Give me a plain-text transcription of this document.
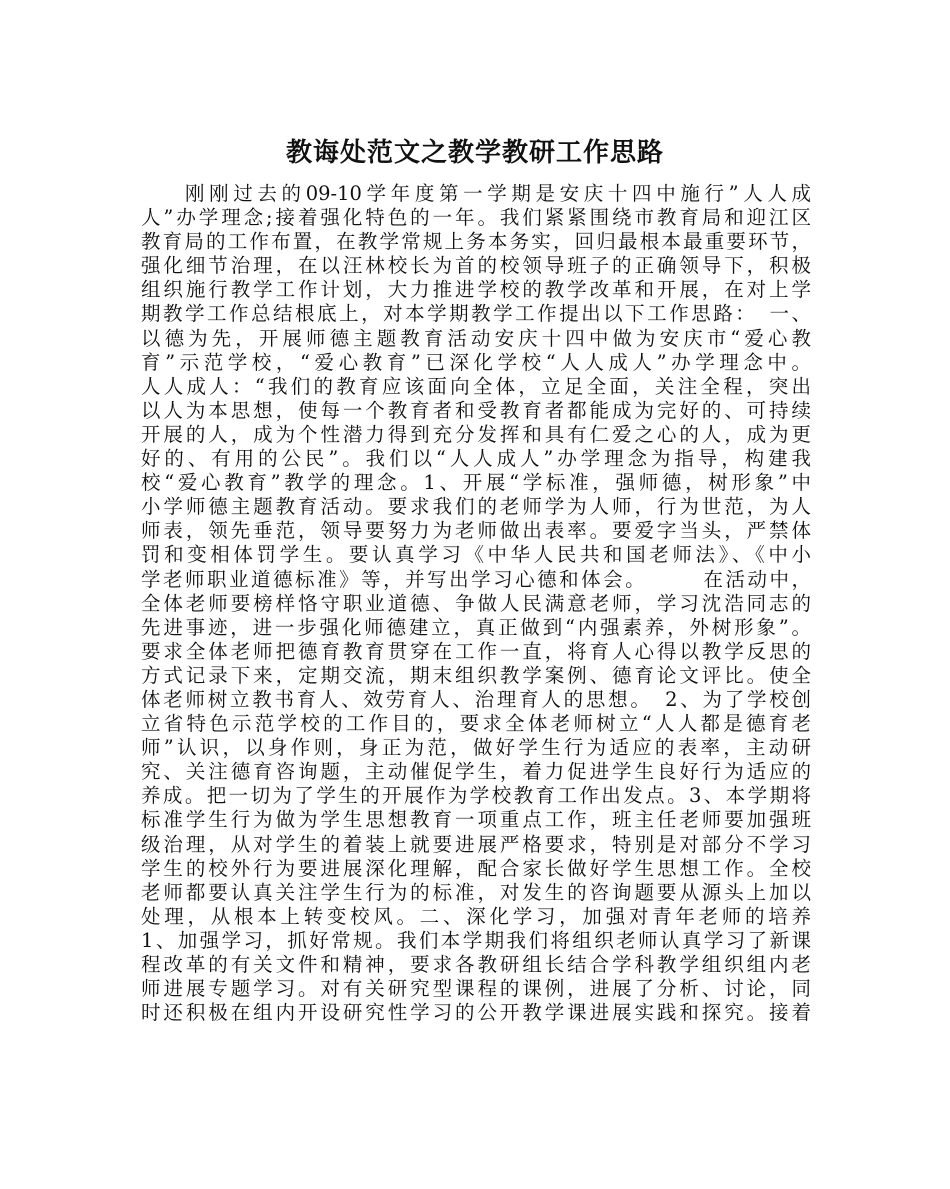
教诲处范文之教学教研工作思路
刚刚过去的09-10学年度第一学期是安庆十四中施行”人人成
人”办学理念;接着强化特色的一年。我们紧紧围绕市教育局和迎江区
教育局的工作布置，在教学常规上务本务实，回归最根本最重要环节，
强化细节治理，在以汪林校长为首的校领导班子的正确领导下，积极
组织施行教学工作计划，大力推进学校的教学改革和开展，在对上学
期教学工作总结根底上，对本学期教学工作提出以下工作思路：　一、
以德为先，开展师德主题教育活动安庆十四中做为安庆市“爱心教
育”示范学校，“爱心教育”已深化学校“人人成人”办学理念中。
人人成人：“我们的教育应该面向全体，立足全面，关注全程，突出
以人为本思想，使每一个教育者和受教育者都能成为完好的、可持续
开展的人，成为个性潜力得到充分发挥和具有仁爱之心的人，成为更
好的、有用的公民”。我们以“人人成人”办学理念为指导，构建我
校“爱心教育”教学的理念。1、开展“学标准，强师德，树形象”中
小学师德主题教育活动。要求我们的老师学为人师，行为世范，为人
师表，领先垂范，领导要努力为老师做出表率。要爱字当头，严禁体
罚和变相体罚学生。要认真学习《中华人民共和国老师法》、《中小
学老师职业道德标准》等，并写出学习心德和体会。　　　在活动中，
全体老师要榜样恪守职业道德、争做人民满意老师，学习沈浩同志的
先进事迹，进一步强化师德建立，真正做到“内强素养，外树形象”。
要求全体老师把德育教育贯穿在工作一直，将育人心得以教学反思的
方式记录下来，定期交流，期末组织教学案例、德育论文评比。使全
体老师树立教书育人、效劳育人、治理育人的思想。　2、为了学校创
立省特色示范学校的工作目的，要求全体老师树立“人人都是德育老
师”认识，以身作则，身正为范，做好学生行为适应的表率，主动研
究、关注德育咨询题，主动催促学生，着力促进学生良好行为适应的
养成。把一切为了学生的开展作为学校教育工作出发点。3、本学期将
标准学生行为做为学生思想教育一项重点工作，班主任老师要加强班
级治理，从对学生的着装上就要进展严格要求，特别是对部分不学习
学生的校外行为要进展深化理解，配合家长做好学生思想工作。全校
老师都要认真关注学生行为的标准，对发生的咨询题要从源头上加以
处理，从根本上转变校风。二、深化学习，加强对青年老师的培养
1、加强学习，抓好常规。我们本学期我们将组织老师认真学习了新课
程改革的有关文件和精神，要求各教研组长结合学科教学组织组内老
师进展专题学习。对有关研究型课程的课例，进展了分析、讨论，同
时还积极在组内开设研究性学习的公开教学课进展实践和探究。接着
